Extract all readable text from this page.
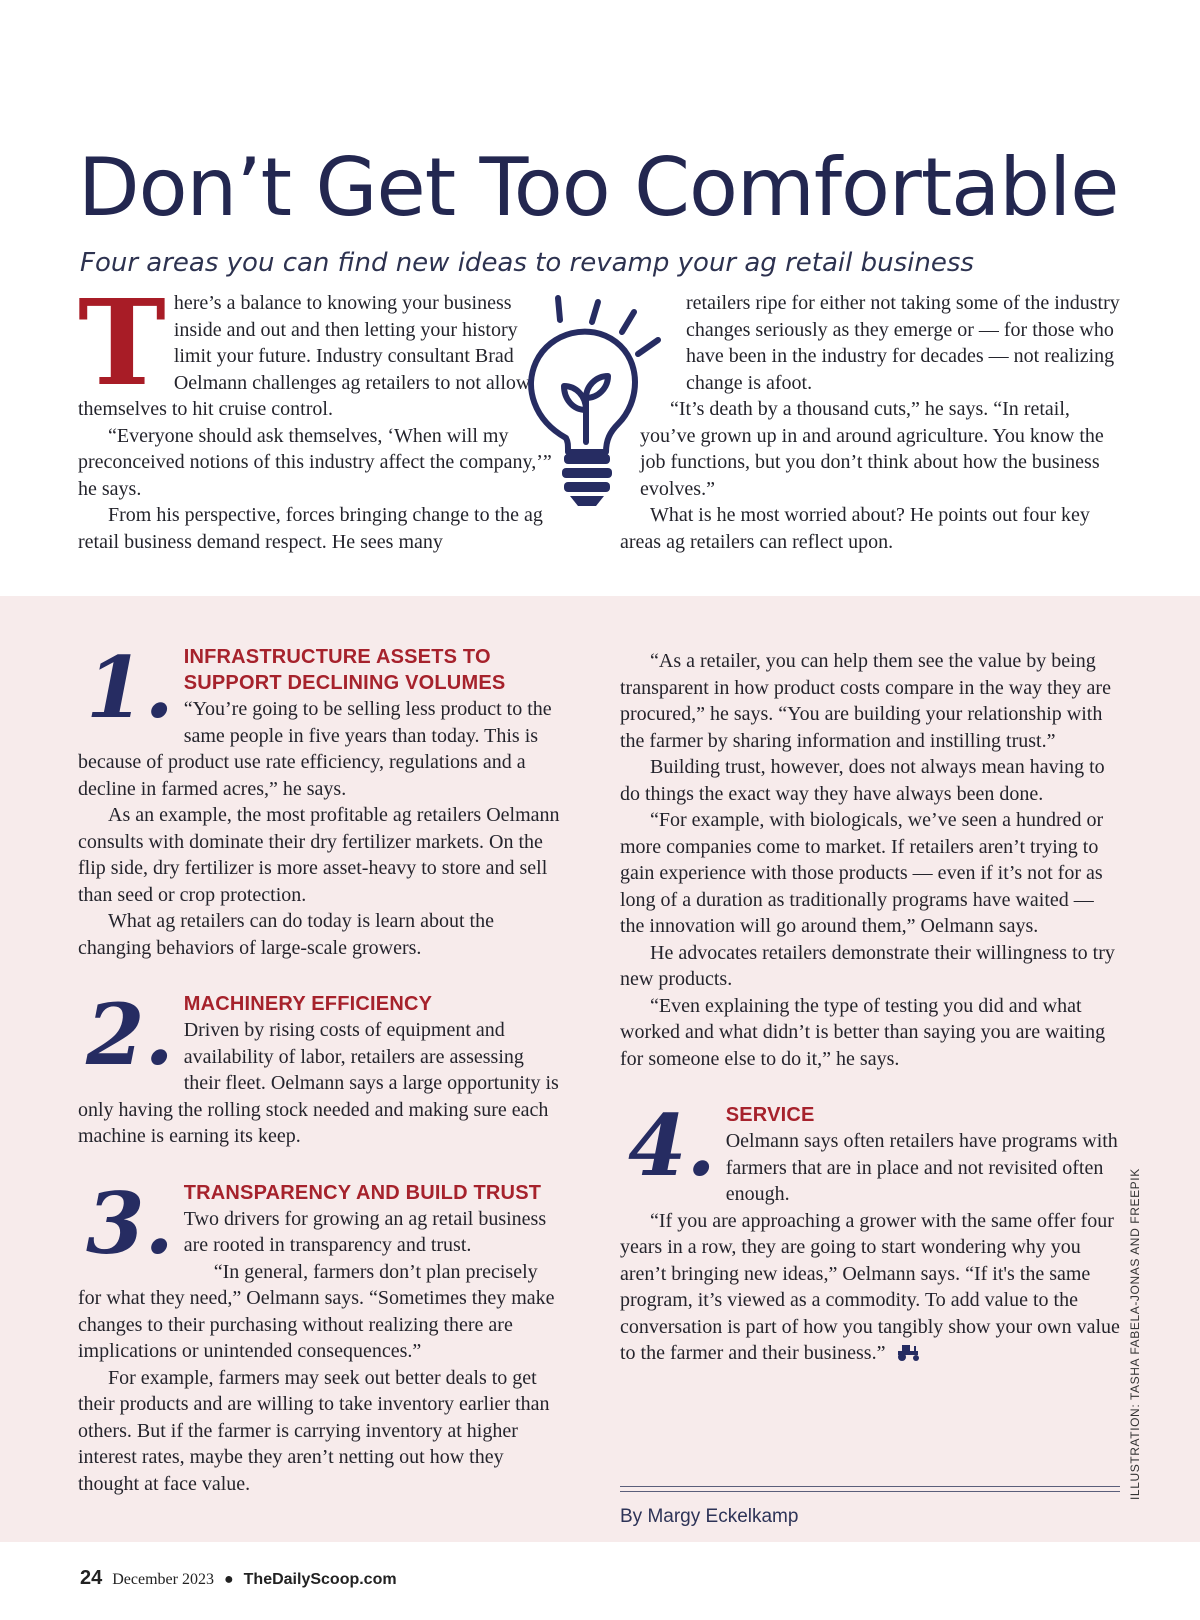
Don’t Get Too Comfortable
Four areas you can find new ideas to revamp your ag retail business

There’s a balance to knowing your business inside and out and then letting your history limit your future. Industry consultant Brad Oelmann challenges ag retailers to not allow themselves to hit cruise control.

“Everyone should ask themselves, ‘When will my preconceived notions of this industry affect the company,’” he says.

From his perspective, forces bringing change to the ag retail business demand respect. He sees many

retailers ripe for either not taking some of the industry changes seriously as they emerge or — for those who have been in the industry for decades — not realizing change is afoot.

“It’s death by a thousand cuts,” he says. “In retail, you’ve grown up in and around agriculture. You know the job functions, but you don’t think about how the business evolves.”

What is he most worried about? He points out four key areas ag retailers can reflect upon.

1. INFRASTRUCTURE ASSETS TO SUPPORT DECLINING VOLUMES

“You’re going to be selling less product to the same people in five years than today. This is because of product use rate efficiency, regulations and a decline in farmed acres,” he says.

As an example, the most profitable ag retailers Oelmann consults with dominate their dry fertilizer markets. On the flip side, dry fertilizer is more asset-heavy to store and sell than seed or crop protection.

What ag retailers can do today is learn about the changing behaviors of large-scale growers.

2. MACHINERY EFFICIENCY

Driven by rising costs of equipment and availability of labor, retailers are assessing their fleet. Oelmann says a large opportunity is only having the rolling stock needed and making sure each machine is earning its keep.

3. TRANSPARENCY AND BUILD TRUST

Two drivers for growing an ag retail business are rooted in transparency and trust.

“In general, farmers don’t plan precisely for what they need,” Oelmann says. “Sometimes they make changes to their purchasing without realizing there are implications or unintended consequences.”

For example, farmers may seek out better deals to get their products and are willing to take inventory earlier than others. But if the farmer is carrying inventory at higher interest rates, maybe they aren’t netting out how they thought at face value.

“As a retailer, you can help them see the value by being transparent in how product costs compare in the way they are procured,” he says. “You are building your relationship with the farmer by sharing information and instilling trust.”

Building trust, however, does not always mean having to do things the exact way they have always been done.

“For example, with biologicals, we’ve seen a hundred or more companies come to market. If retailers aren’t trying to gain experience with those products — even if it’s not for as long of a duration as traditionally programs have waited — the innovation will go around them,” Oelmann says.

He advocates retailers demonstrate their willingness to try new products.

“Even explaining the type of testing you did and what worked and what didn’t is better than saying you are waiting for someone else to do it,” he says.

4. SERVICE

Oelmann says often retailers have programs with farmers that are in place and not revisited often enough.

“If you are approaching a grower with the same offer four years in a row, they are going to start wondering why you aren’t bringing new ideas,” Oelmann says. “If it's the same program, it’s viewed as a commodity. To add value to the conversation is part of how you tangibly show your own value to the farmer and their business.”

By Margy Eckelkamp
ILLUSTRATION: TASHA FABELA-JONAS AND FREEPIK
24 December 2023 ● TheDailyScoop.com
